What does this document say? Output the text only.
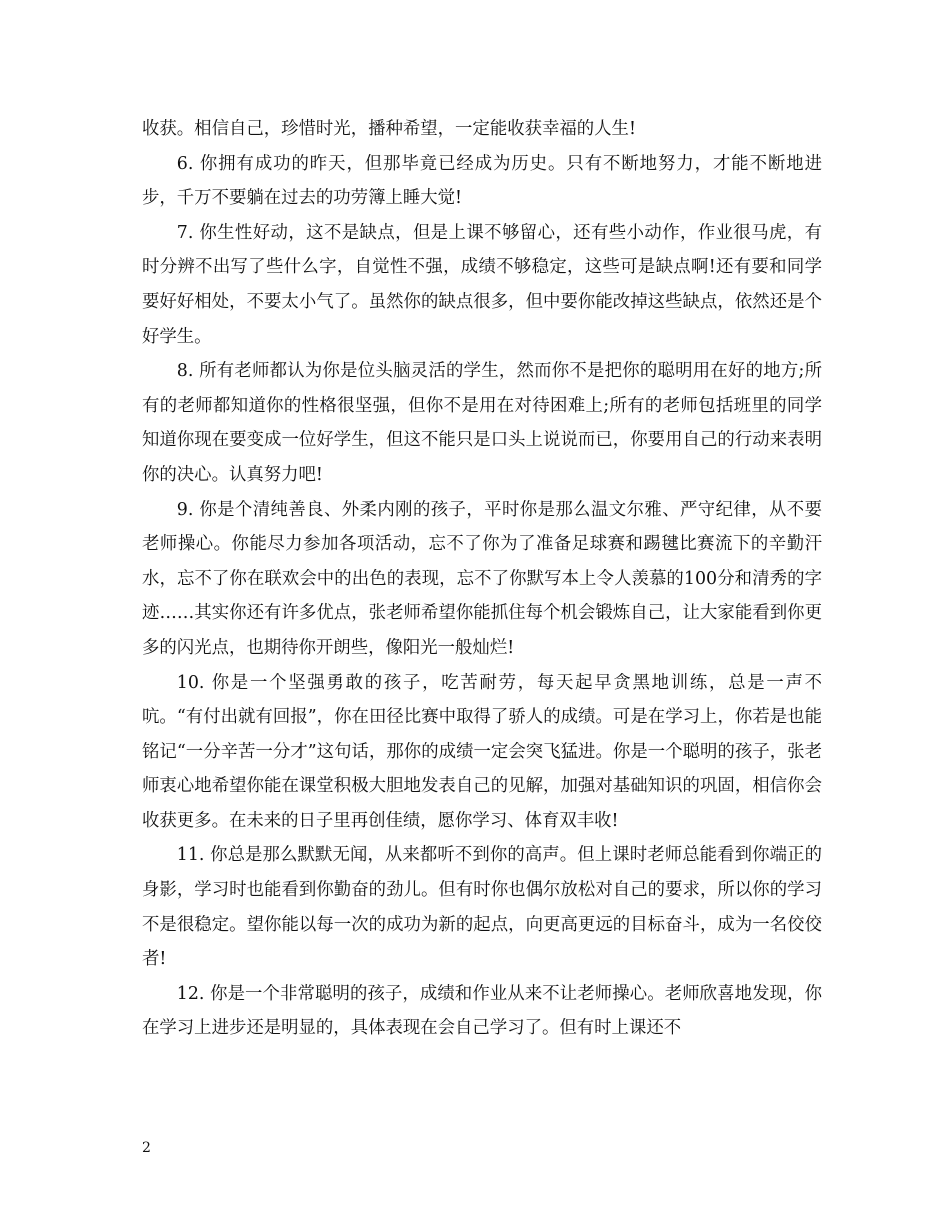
收获。相信自己，珍惜时光，播种希望，一定能收获幸福的人生!

6. 你拥有成功的昨天，但那毕竟已经成为历史。只有不断地努力，才能不断地进步，千万不要躺在过去的功劳簿上睡大觉!

7. 你生性好动，这不是缺点，但是上课不够留心，还有些小动作，作业很马虎，有时分辨不出写了些什么字，自觉性不强，成绩不够稳定，这些可是缺点啊!还有要和同学要好好相处，不要太小气了。虽然你的缺点很多，但中要你能改掉这些缺点，依然还是个好学生。

8. 所有老师都认为你是位头脑灵活的学生，然而你不是把你的聪明用在好的地方;所有的老师都知道你的性格很坚强，但你不是用在对待困难上;所有的老师包括班里的同学知道你现在要变成一位好学生，但这不能只是口头上说说而已，你要用自己的行动来表明你的决心。认真努力吧!

9. 你是个清纯善良、外柔内刚的孩子，平时你是那么温文尔雅、严守纪律，从不要老师操心。你能尽力参加各项活动，忘不了你为了准备足球赛和踢毽比赛流下的辛勤汗水，忘不了你在联欢会中的出色的表现，忘不了你默写本上令人羡慕的100分和清秀的字迹……其实你还有许多优点，张老师希望你能抓住每个机会锻炼自己，让大家能看到你更多的闪光点，也期待你开朗些，像阳光一般灿烂!

10. 你是一个坚强勇敢的孩子，吃苦耐劳，每天起早贪黑地训练，总是一声不吭。“有付出就有回报”，你在田径比赛中取得了骄人的成绩。可是在学习上，你若是也能铭记“一分辛苦一分才”这句话，那你的成绩一定会突飞猛进。你是一个聪明的孩子，张老师衷心地希望你能在课堂积极大胆地发表自己的见解，加强对基础知识的巩固，相信你会收获更多。在未来的日子里再创佳绩，愿你学习、体育双丰收!

11. 你总是那么默默无闻，从来都听不到你的高声。但上课时老师总能看到你端正的身影，学习时也能看到你勤奋的劲儿。但有时你也偶尔放松对自己的要求，所以你的学习不是很稳定。望你能以每一次的成功为新的起点，向更高更远的目标奋斗，成为一名佼佼者!

12. 你是一个非常聪明的孩子，成绩和作业从来不让老师操心。老师欣喜地发现，你在学习上进步还是明显的，具体表现在会自己学习了。但有时上课还不

2
